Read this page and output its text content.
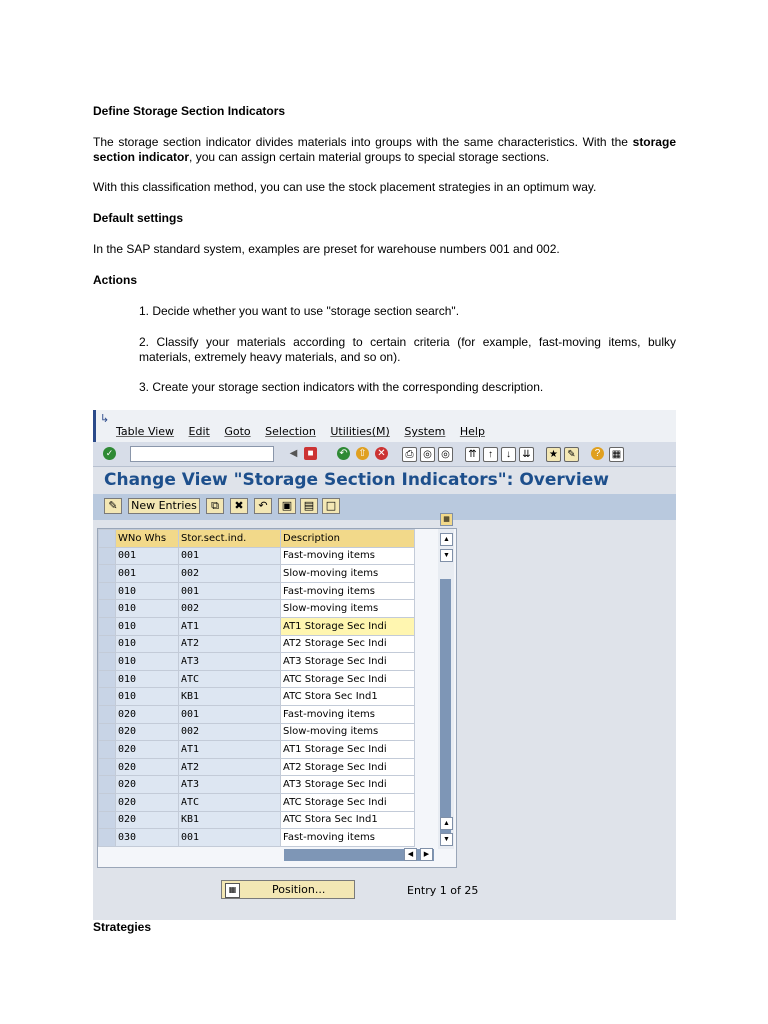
Define Storage Section Indicators
The storage section indicator divides materials into groups with the same characteristics. With the storage section indicator, you can assign certain material groups to special storage sections.
With this classification method, you can use the stock placement strategies in an optimum way.
Default settings
In the SAP standard system, examples are preset for warehouse numbers 001 and 002.
Actions
1. Decide whether you want to use "storage section search".
2. Classify your materials according to certain criteria (for example, fast-moving items, bulky materials, extremely heavy materials, and so on).
3. Create your storage section indicators with the corresponding description.
↳
Table View Edit Goto Selection Utilities(M) System Help
✓	◀	■	↶ ⇧ ✕	⎙ ◎ ◎	⇈	↑	↓	⇊	★ ✎	?	▦
Change View "Storage Section Indicators": Overview
✎	New Entries	⧉	✖	↶	▣	▤	□
	WNo Whs	Stor.sect.ind.	Description
	001	001	Fast-moving items
	001	002	Slow-moving items
	010	001	Fast-moving items
	010	002	Slow-moving items
	010	AT1	AT1 Storage Sec Indi
	010	AT2	AT2 Storage Sec Indi
	010	AT3	AT3 Storage Sec Indi
	010	ATC	ATC Storage Sec Indi
	010	KB1	ATC Stora Sec Ind1
	020	001	Fast-moving items
	020	002	Slow-moving items
	020	AT1	AT1 Storage Sec Indi
	020	AT2	AT2 Storage Sec Indi
	020	AT3	AT3 Storage Sec Indi
	020	ATC	ATC Storage Sec Indi
	020	KB1	ATC Stora Sec Ind1
	030	001	Fast-moving items
▦
▲
▼
▲
▼
◀	▶
▦	Position...	Entry 1 of 25
Strategies
